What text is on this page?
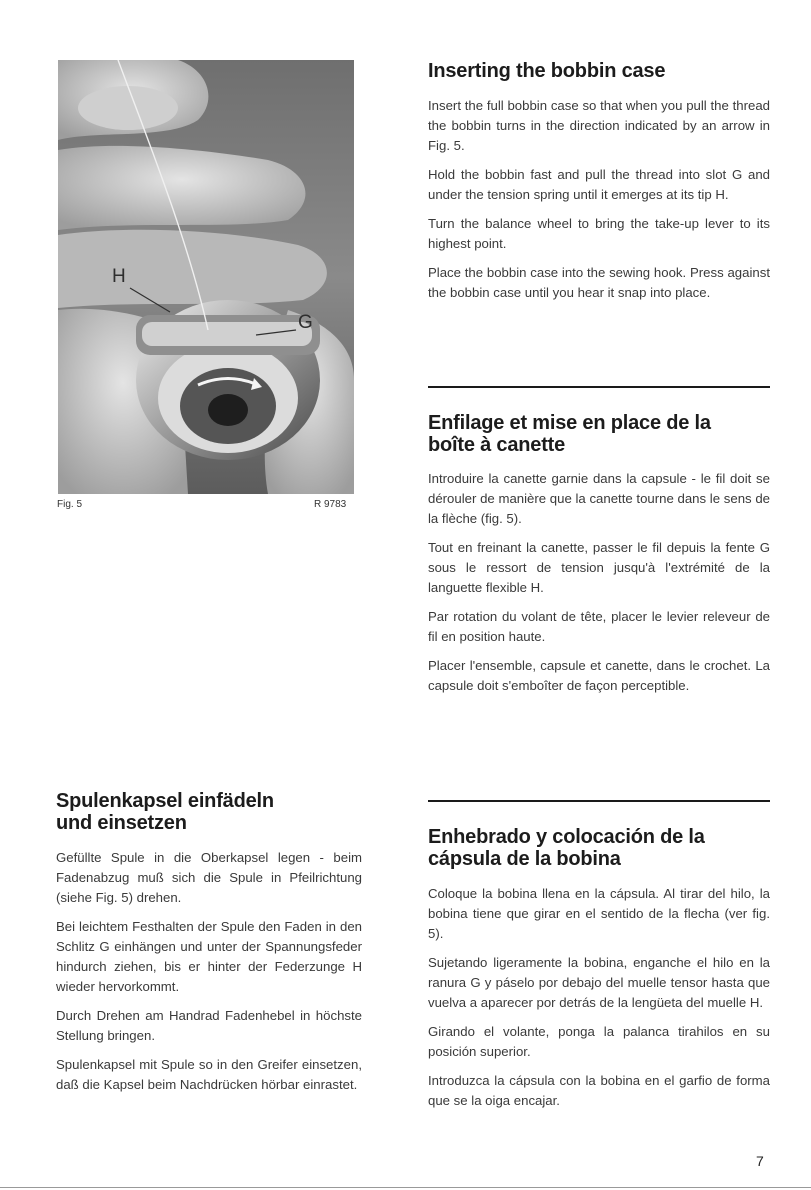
H
G
Fig. 5	R 9783
Inserting the bobbin case

Insert the full bobbin case so that when you pull the thread the bobbin turns in the direction indicated by an arrow in Fig. 5.

Hold the bobbin fast and pull the thread into slot G and under the tension spring until it emerges at its tip H.

Turn the balance wheel to bring the take-up lever to its highest point.

Place the bobbin case into the sewing hook. Press against the bobbin case until you hear it snap into place.

Enfilage et mise en place de la
boîte à canette

Introduire la canette garnie dans la capsule - le fil doit se dérouler de manière que la canette tourne dans le sens de la flèche (fig. 5).

Tout en freinant la canette, passer le fil depuis la fente G sous le ressort de tension jusqu'à l'extrémité de la languette flexible H.

Par rotation du volant de tête, placer le levier releveur de fil en position haute.

Placer l'ensemble, capsule et canette, dans le crochet. La capsule doit s'emboîter de façon perceptible.

Spulenkapsel einfädeln
und einsetzen

Gefüllte Spule in die Oberkapsel legen - beim Fadenabzug muß sich die Spule in Pfeilrichtung (siehe Fig. 5) drehen.

Bei leichtem Festhalten der Spule den Faden in den Schlitz G einhängen und unter der Spannungsfeder hindurch ziehen, bis er hinter der Federzunge H wieder hervorkommt.

Durch Drehen am Handrad Fadenhebel in höchste Stellung bringen.

Spulenkapsel mit Spule so in den Greifer einsetzen, daß die Kapsel beim Nachdrücken hörbar einrastet.

Enhebrado y colocación de la
cápsula de la bobina

Coloque la bobina llena en la cápsula. Al tirar del hilo, la bobina tiene que girar en el sentido de la flecha (ver fig. 5).

Sujetando ligeramente la bobina, enganche el hilo en la ranura G y páselo por debajo del muelle tensor hasta que vuelva a aparecer por detrás de la lengüeta del muelle H.

Girando el volante, ponga la palanca tirahilos en su posición superior.

Introduzca la cápsula con la bobina en el garfio de forma que se la oiga encajar.

7
